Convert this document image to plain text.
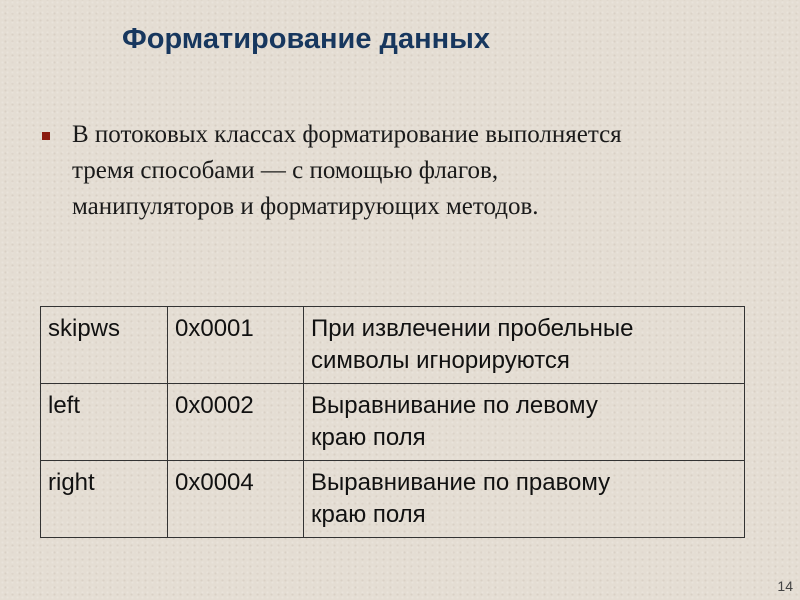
Форматирование данных

В потоковых классах форматирование выполняется
тремя способами — с помощью флагов,
манипуляторов и форматирующих методов.

skipws	0x0001	При извлечении пробельные
символы игнорируются
left	0x0002	Выравнивание по левому
краю поля
right	0x0004	Выравнивание по правому
краю поля
14
